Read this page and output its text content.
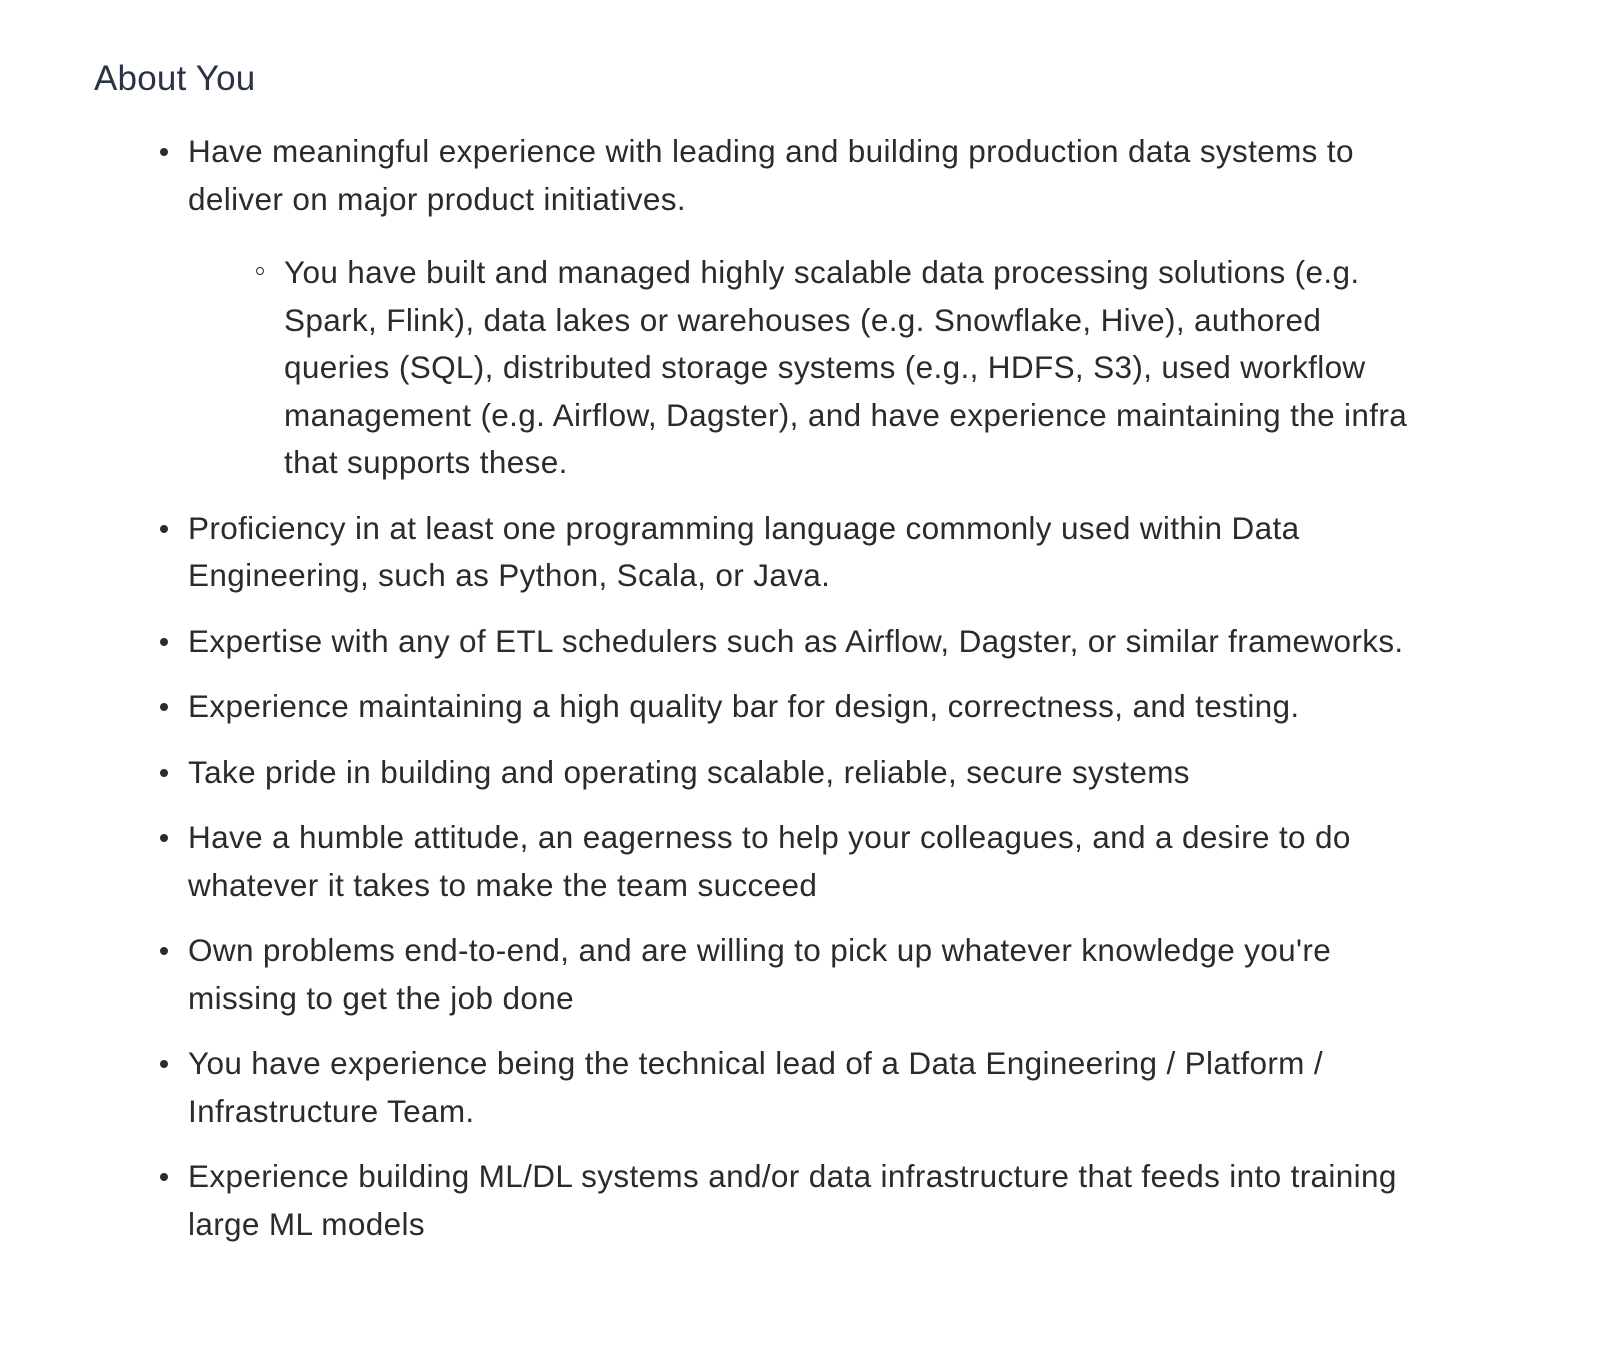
About You
Have meaningful experience with leading and building production data systems to deliver on major product initiatives.
You have built and managed highly scalable data processing solutions (e.g. Spark, Flink), data lakes or warehouses (e.g. Snowflake, Hive), authored queries (SQL), distributed storage systems (e.g., HDFS, S3), used workflow management (e.g. Airflow, Dagster), and have experience maintaining the infra that supports these.
Proficiency in at least one programming language commonly used within Data Engineering, such as Python, Scala, or Java.
Expertise with any of ETL schedulers such as Airflow, Dagster, or similar frameworks.
Experience maintaining a high quality bar for design, correctness, and testing.
Take pride in building and operating scalable, reliable, secure systems
Have a humble attitude, an eagerness to help your colleagues, and a desire to do whatever it takes to make the team succeed
Own problems end-to-end, and are willing to pick up whatever knowledge you're missing to get the job done
You have experience being the technical lead of a Data Engineering / Platform / Infrastructure Team.
Experience building ML/DL systems and/or data infrastructure that feeds into training large ML models
